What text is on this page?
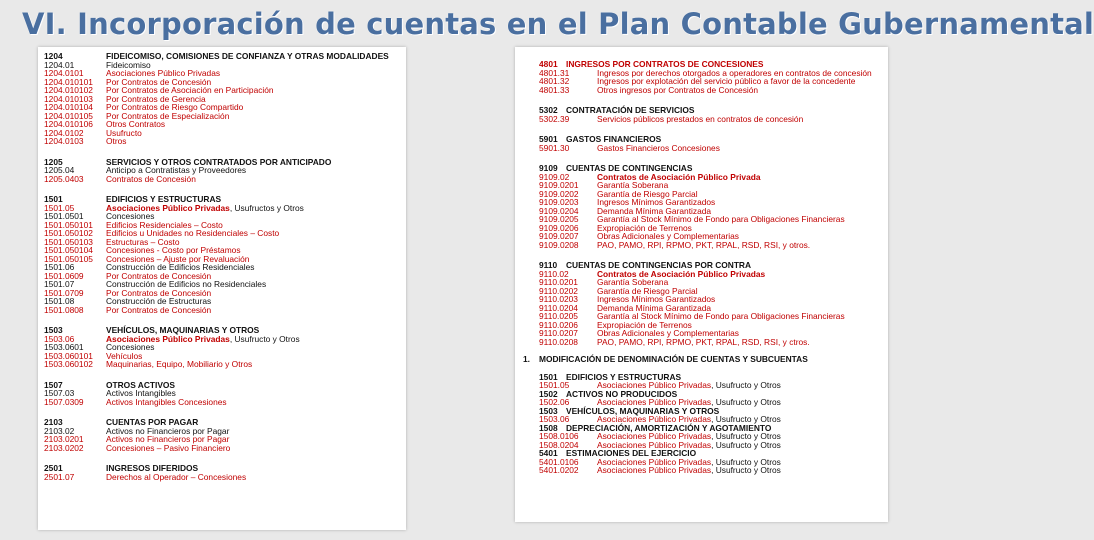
VI. Incorporación de cuentas en el Plan Contable Gubernamental
1204	FIDEICOMISO, COMISIONES DE CONFIANZA Y OTRAS MODALIDADES
1204.01	Fideicomiso
1204.0101	Asociaciones Público Privadas
1204.010101	Por Contratos de Concesión
1204.010102	Por Contratos de Asociación en Participación
1204.010103	Por Contratos de Gerencia
1204.010104	Por Contratos de Riesgo Compartido
1204.010105	Por Contratos de Especialización
1204.010106	Otros Contratos
1204.0102	Usufructo
1204.0103	Otros
1205	SERVICIOS Y OTROS CONTRATADOS POR ANTICIPADO
1205.04	Anticipo a Contratistas y Proveedores
1205.0403	Contratos de Concesión
1501	EDIFICIOS Y ESTRUCTURAS
1501.05	Asociaciones Público Privadas , Usufructos y Otros
1501.0501	Concesiones
1501.050101	Edificios Residenciales – Costo
1501.050102	Edificios u Unidades no Residenciales – Costo
1501.050103	Estructuras – Costo
1501.050104	Concesiones - Costo por Préstamos
1501.050105	Concesiones – Ajuste por Revaluación
1501.06	Construcción de Edificios Residenciales
1501.0609	Por Contratos de Concesión
1501.07	Construcción de Edificios no Residenciales
1501.0709	Por Contratos de Concesión
1501.08	Construcción de Estructuras
1501.0808	Por Contratos de Concesión
1503	VEHÍCULOS, MAQUINARIAS Y OTROS
1503.06	Asociaciones Público Privadas , Usufructo y Otros
1503.0601	Concesiones
1503.060101	Vehículos
1503.060102	Maquinarias, Equipo, Mobiliario y Otros
1507	OTROS ACTIVOS
1507.03	Activos Intangibles
1507.0309	Activos Intangibles Concesiones
2103	CUENTAS POR PAGAR
2103.02	Activos no Financieros por Pagar
2103.0201	Activos no Financieros por Pagar
2103.0202	Concesiones – Pasivo Financiero
2501	INGRESOS DIFERIDOS
2501.07	Derechos al Operador – Concesiones
4801 INGRESOS POR CONTRATOS DE CONCESIONES
4801.31	Ingresos por derechos otorgados a operadores en contratos de concesión
4801.32	Ingresos por explotación del servicio público a favor de la concedente
4801.33	Otros ingresos por Contratos de Concesión
5302 CONTRATACIÓN DE SERVICIOS
5302.39	Servicios públicos prestados en contratos de concesión
5901 GASTOS FINANCIEROS
5901.30	Gastos Financieros Concesiones
9109 CUENTAS DE CONTINGENCIAS
9109.02	Contratos de Asociación Público Privada
9109.0201	Garantía Soberana
9109.0202	Garantía de Riesgo Parcial
9109.0203	Ingresos Mínimos Garantizados
9109.0204	Demanda Mínima Garantizada
9109.0205	Garantía al Stock Mínimo de Fondo para Obligaciones Financieras
9109.0206	Expropiación de Terrenos
9109.0207	Obras Adicionales y Complementarias
9109.0208	PAO, PAMO, RPI, RPMO, PKT, RPAL, RSD, RSI, y otros.
9110	CUENTAS DE CONTINGENCIAS POR CONTRA
9110.02	Contratos de Asociación Público Privadas
9110.0201	Garantía Soberana
9110.0202	Garantía de Riesgo Parcial
9110.0203	Ingresos Mínimos Garantizados
9110.0204	Demanda Mínima Garantizada
9110.0205	Garantía al Stock Mínimo de Fondo para Obligaciones Financieras
9110.0206	Expropiación de Terrenos
9110.0207	Obras Adicionales y Complementarias
9110.0208	PAO, PAMO, RPI, RPMO, PKT, RPAL, RSD, RSI, y ctros.
1.	MODIFICACIÓN DE DENOMINACIÓN DE CUENTAS Y SUBCUENTAS
1501 EDIFICIOS Y ESTRUCTURAS
1501.05	Asociaciones Público Privadas , Usufructo y Otros
1502 ACTIVOS NO PRODUCIDOS
1502.06	Asociaciones Público Privadas , Usufructo y Otros
1503 VEHÍCULOS, MAQUINARIAS Y OTROS
1503.06	Asociaciones Público Privadas , Usufructo y Otros
1508 DEPRECIACIÓN, AMORTIZACIÓN Y AGOTAMIENTO
1508.0106	Asociaciones Público Privadas , Usufructo y Otros
1508.0204	Asociaciones Público Privadas , Usufructo y Otros
5401 ESTIMACIONES DEL EJERCICIO
5401.0106	Asociaciones Público Privadas , Usufructo y Otros
5401.0202	Asociaciones Público Privadas , Usufructo y Otros
